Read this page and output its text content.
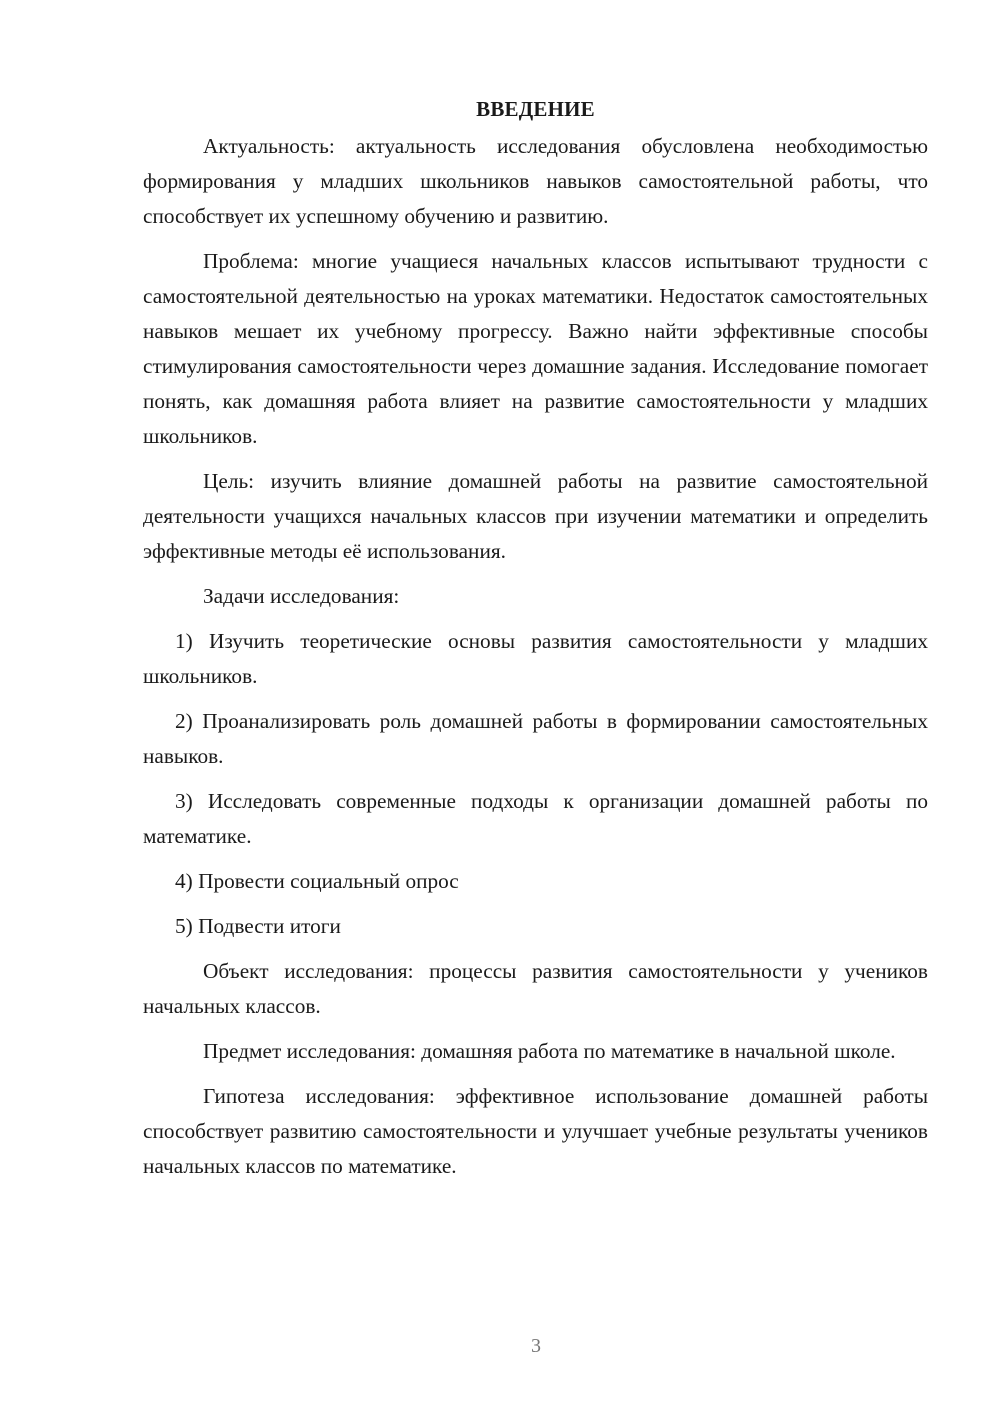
ВВЕДЕНИЕ

Актуальность: актуальность исследования обусловлена необходимостью формирования у младших школьников навыков самостоятельной работы, что способствует их успешному обучению и развитию.

Проблема: многие учащиеся начальных классов испытывают трудности с самостоятельной деятельностью на уроках математики. Недостаток самостоятельных навыков мешает их учебному прогрессу. Важно найти эффективные способы стимулирования самостоятельности через домашние задания. Исследование помогает понять, как домашняя работа влияет на развитие самостоятельности у младших школьников.

Цель: изучить влияние домашней работы на развитие самостоятельной деятельности учащихся начальных классов при изучении математики и определить эффективные методы её использования.

Задачи исследования:

1) Изучить теоретические основы развития самостоятельности у младших школьников.

2) Проанализировать роль домашней работы в формировании самостоятельных навыков.

3) Исследовать современные подходы к организации домашней работы по математике.

4) Провести социальный опрос

5) Подвести итоги

Объект исследования: процессы развития самостоятельности у учеников начальных классов.

Предмет исследования: домашняя работа по математике в начальной школе.

Гипотеза исследования: эффективное использование домашней работы способствует развитию самостоятельности и улучшает учебные результаты учеников начальных классов по математике.

3
